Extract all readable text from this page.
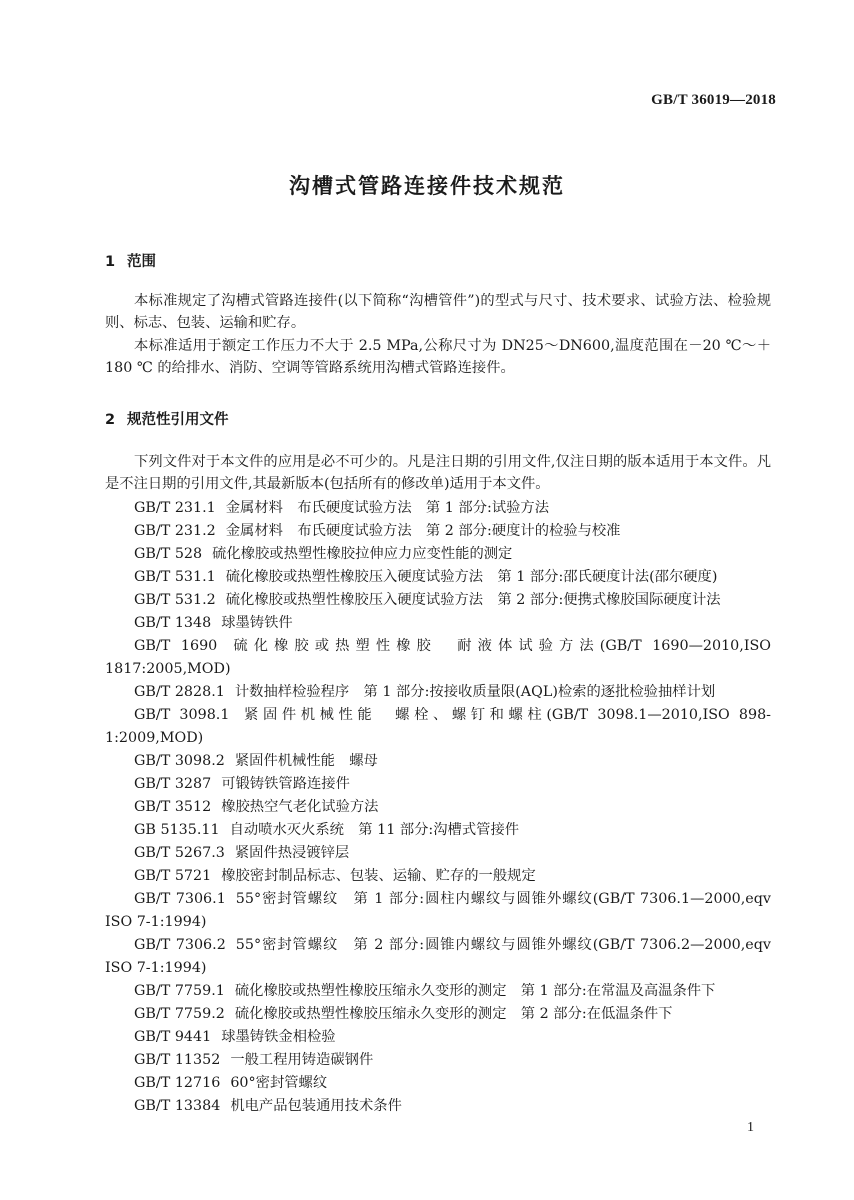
GB/T 36019—2018
沟槽式管路连接件技术规范
1 范围

本标准规定了沟槽式管路连接件(以下简称“沟槽管件”)的型式与尺寸、技术要求、试验方法、检验规则、标志、包装、运输和贮存。

本标准适用于额定工作压力不大于 2.5 MPa,公称尺寸为 DN25～DN600,温度范围在－20 ℃～＋180 ℃ 的给排水、消防、空调等管路系统用沟槽式管路连接件。

2 规范性引用文件

下列文件对于本文件的应用是必不可少的。凡是注日期的引用文件,仅注日期的版本适用于本文件。凡是不注日期的引用文件,其最新版本(包括所有的修改单)适用于本文件。

GB/T 231.1 金属材料　布氏硬度试验方法　第 1 部分:试验方法
GB/T 231.2 金属材料　布氏硬度试验方法　第 2 部分:硬度计的检验与校准
GB/T 528 硫化橡胶或热塑性橡胶拉伸应力应变性能的测定
GB/T 531.1 硫化橡胶或热塑性橡胶压入硬度试验方法　第 1 部分:邵氏硬度计法(邵尔硬度)
GB/T 531.2 硫化橡胶或热塑性橡胶压入硬度试验方法　第 2 部分:便携式橡胶国际硬度计法
GB/T 1348 球墨铸铁件
GB/T 1690 硫化橡胶或热塑性橡胶　耐液体试验方法(GB/T 1690—2010,ISO 1817:2005,MOD)
GB/T 2828.1 计数抽样检验程序　第 1 部分:按接收质量限(AQL)检索的逐批检验抽样计划
GB/T 3098.1 紧固件机械性能　螺栓、螺钉和螺柱(GB/T 3098.1—2010,ISO 898-1:2009,MOD)
GB/T 3098.2 紧固件机械性能　螺母
GB/T 3287 可锻铸铁管路连接件
GB/T 3512 橡胶热空气老化试验方法
GB 5135.11 自动喷水灭火系统　第 11 部分:沟槽式管接件
GB/T 5267.3 紧固件热浸镀锌层
GB/T 5721 橡胶密封制品标志、包装、运输、贮存的一般规定
GB/T 7306.1 55°密封管螺纹　第 1 部分:圆柱内螺纹与圆锥外螺纹(GB/T 7306.1—2000,eqv ISO 7-1:1994)
GB/T 7306.2 55°密封管螺纹　第 2 部分:圆锥内螺纹与圆锥外螺纹(GB/T 7306.2—2000,eqv ISO 7-1:1994)
GB/T 7759.1 硫化橡胶或热塑性橡胶压缩永久变形的测定　第 1 部分:在常温及高温条件下
GB/T 7759.2 硫化橡胶或热塑性橡胶压缩永久变形的测定　第 2 部分:在低温条件下
GB/T 9441 球墨铸铁金相检验
GB/T 11352 一般工程用铸造碳钢件
GB/T 12716 60°密封管螺纹
GB/T 13384 机电产品包装通用技术条件
1
